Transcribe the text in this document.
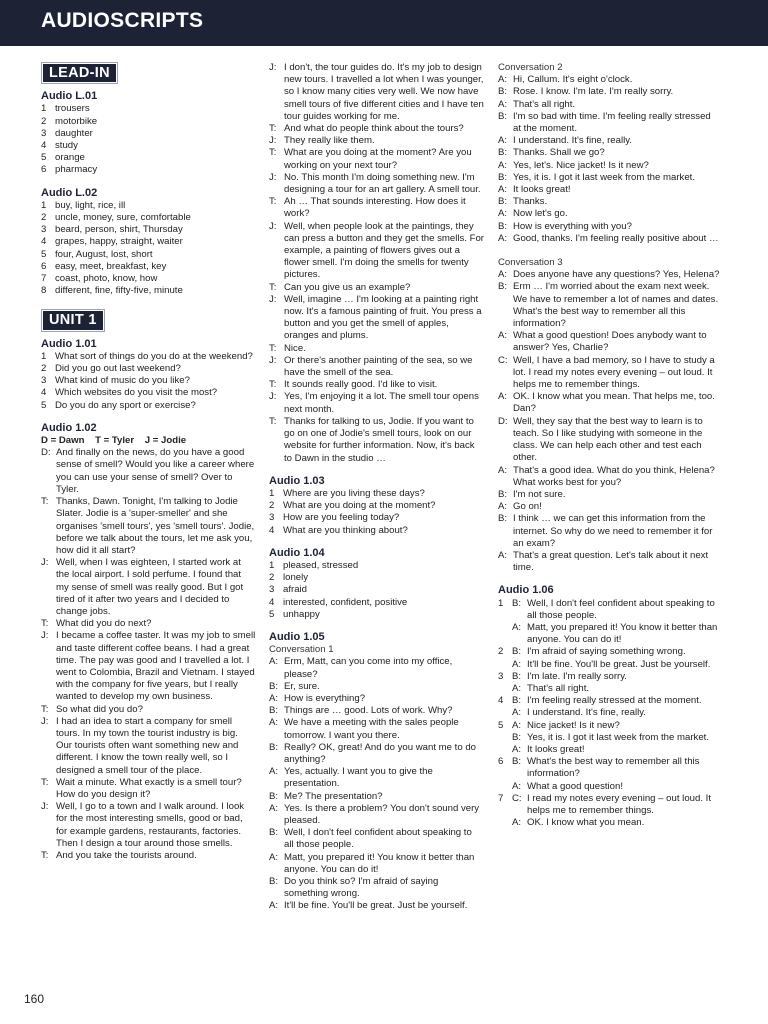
AUDIOSCRIPTS
LEAD-IN
Audio L.01
1 trousers
2 motorbike
3 daughter
4 study
5 orange
6 pharmacy
Audio L.02
1 buy, light, rice, ill
2 uncle, money, sure, comfortable
3 beard, person, shirt, Thursday
4 grapes, happy, straight, waiter
5 four, August, lost, short
6 easy, meet, breakfast, key
7 coast, photo, know, how
8 different, fine, fifty-five, minute
UNIT 1
Audio 1.01
1 What sort of things do you do at the weekend?
2 Did you go out last weekend?
3 What kind of music do you like?
4 Which websites do you visit the most?
5 Do you do any sport or exercise?
Audio 1.02
D = Dawn    T = Tyler    J = Jodie
D: And finally on the news, do you have a good sense of smell? Would you like a career where you can use your sense of smell? Over to Tyler.
T: Thanks, Dawn. Tonight, I'm talking to Jodie Slater. Jodie is a 'super-smeller' and she organises 'smell tours', yes 'smell tours'. Jodie, before we talk about the tours, let me ask you, how did it all start?
J: Well, when I was eighteen, I started work at the local airport. I sold perfume. I found that my sense of smell was really good. But I got tired of it after two years and I decided to change jobs.
T: What did you do next?
J: I became a coffee taster. It was my job to smell and taste different coffee beans. I had a great time. The pay was good and I travelled a lot. I went to Colombia, Brazil and Vietnam. I stayed with the company for five years, but I really wanted to develop my own business.
T: So what did you do?
J: I had an idea to start a company for smell tours. In my town the tourist industry is big. Our tourists often want something new and different. I know the town really well, so I designed a smell tour of the place.
T: Wait a minute. What exactly is a smell tour? How do you design it?
J: Well, I go to a town and I walk around. I look for the most interesting smells, good or bad, for example gardens, restaurants, factories. Then I design a tour around those smells.
T: And you take the tourists around.
J: I don't, the tour guides do. It's my job to design new tours. I travelled a lot when I was younger, so I know many cities very well. We now have smell tours of five different cities and I have ten tour guides working for me.
T: And what do people think about the tours?
J: They really like them.
T: What are you doing at the moment? Are you working on your next tour?
J: No. This month I'm doing something new. I'm designing a tour for an art gallery. A smell tour.
T: Ah … That sounds interesting. How does it work?
J: Well, when people look at the paintings, they can press a button and they get the smells. For example, a painting of flowers gives out a flower smell. I'm doing the smells for twenty pictures.
T: Can you give us an example?
J: Well, imagine … I'm looking at a painting right now. It's a famous painting of fruit. You press a button and you get the smell of apples, oranges and plums.
T: Nice.
J: Or there's another painting of the sea, so we have the smell of the sea.
T: It sounds really good. I'd like to visit.
J: Yes, I'm enjoying it a lot. The smell tour opens next month.
T: Thanks for talking to us, Jodie. If you want to go on one of Jodie's smell tours, look on our website for further information. Now, it's back to Dawn in the studio …
Audio 1.03
1 Where are you living these days?
2 What are you doing at the moment?
3 How are you feeling today?
4 What are you thinking about?
Audio 1.04
1 pleased, stressed
2 lonely
3 afraid
4 interested, confident, positive
5 unhappy
Audio 1.05
Conversation 1
A: Erm, Matt, can you come into my office, please?
B: Er, sure.
A: How is everything?
B: Things are … good. Lots of work. Why?
A: We have a meeting with the sales people tomorrow. I want you there.
B: Really? OK, great! And do you want me to do anything?
A: Yes, actually. I want you to give the presentation.
B: Me? The presentation?
A: Yes. Is there a problem? You don't sound very pleased.
B: Well, I don't feel confident about speaking to all those people.
A: Matt, you prepared it! You know it better than anyone. You can do it!
B: Do you think so? I'm afraid of saying something wrong.
A: It'll be fine. You'll be great. Just be yourself.
Conversation 2
A: Hi, Callum. It's eight o'clock.
B: Rose. I know. I'm late. I'm really sorry.
A: That's all right.
B: I'm so bad with time. I'm feeling really stressed at the moment.
A: I understand. It's fine, really.
B: Thanks. Shall we go?
A: Yes, let's. Nice jacket! Is it new?
B: Yes, it is. I got it last week from the market.
A: It looks great!
B: Thanks.
A: Now let's go.
B: How is everything with you?
A: Good, thanks. I'm feeling really positive about …
Conversation 3
A: Does anyone have any questions? Yes, Helena?
B: Erm … I'm worried about the exam next week. We have to remember a lot of names and dates. What's the best way to remember all this information?
A: What a good question! Does anybody want to answer? Yes, Charlie?
C: Well, I have a bad memory, so I have to study a lot. I read my notes every evening – out loud. It helps me to remember things.
A: OK. I know what you mean. That helps me, too. Dan?
D: Well, they say that the best way to learn is to teach. So I like studying with someone in the class. We can help each other and test each other.
A: That's a good idea. What do you think, Helena? What works best for you?
B: I'm not sure.
A: Go on!
B: I think … we can get this information from the internet. So why do we need to remember it for an exam?
A: That's a great question. Let's talk about it next time.
Audio 1.06
1 B: Well, I don't feel confident about speaking to all those people.
A: Matt, you prepared it! You know it better than anyone. You can do it!
2 B: I'm afraid of saying something wrong.
A: It'll be fine. You'll be great. Just be yourself.
3 B: I'm late. I'm really sorry.
A: That's all right.
4 B: I'm feeling really stressed at the moment.
A: I understand. It's fine, really.
5 A: Nice jacket! Is it new?
B: Yes, it is. I got it last week from the market.
A: It looks great!
6 B: What's the best way to remember all this information?
A: What a good question!
7 C: I read my notes every evening – out loud. It helps me to remember things.
A: OK. I know what you mean.
160
